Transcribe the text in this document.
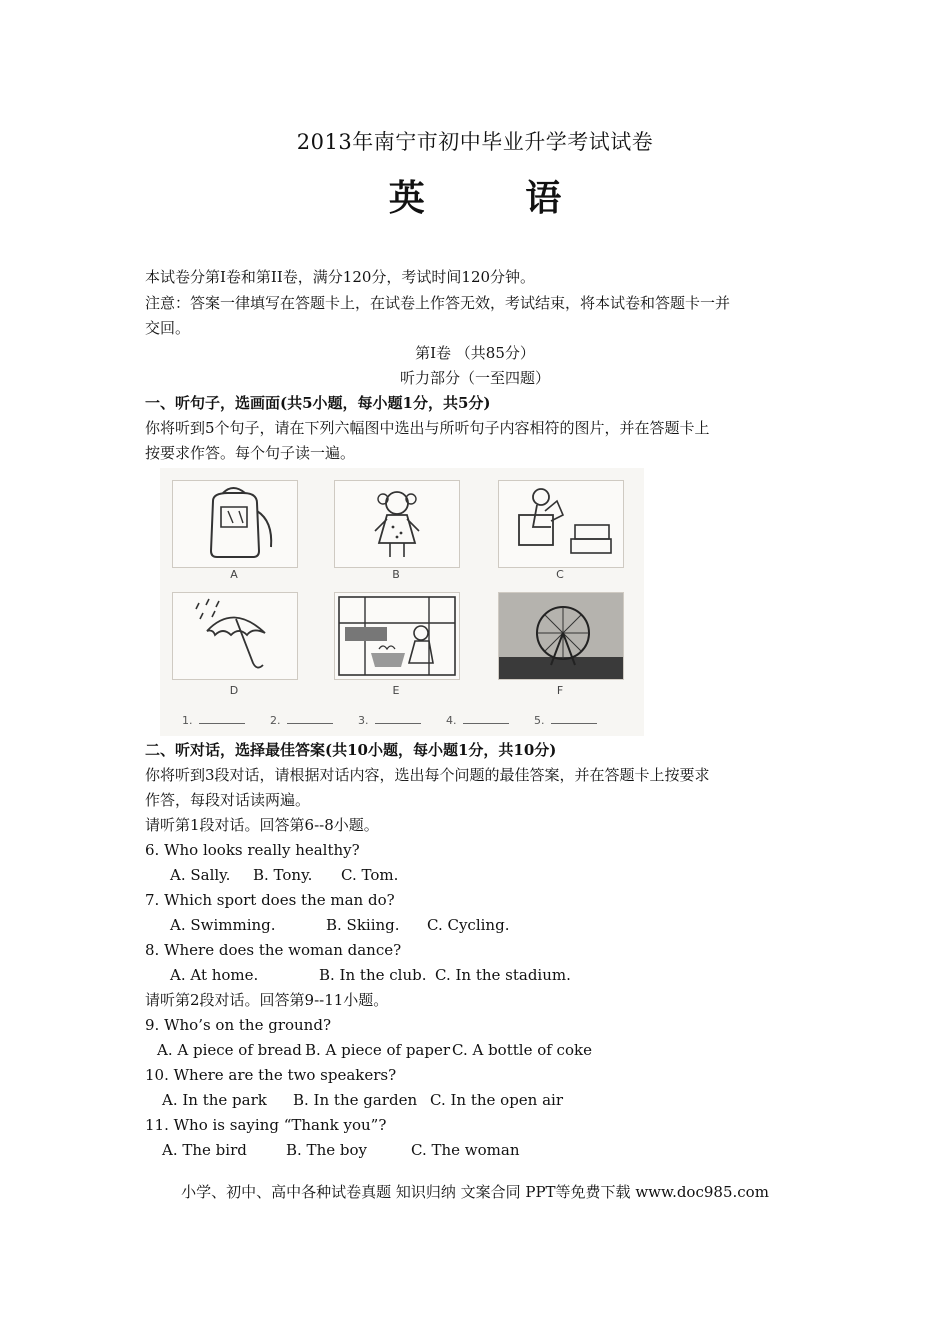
2013年南宁市初中毕业升学考试试卷
英	语
本试卷分第I卷和第II卷，满分120分，考试时间120分钟。
注意：答案一律填写在答题卡上，在试卷上作答无效，考试结束，将本试卷和答题卡一并
交回。
第I卷 （共85分）
听力部分（一至四题）
一、听句子，选画面(共5小题，每小题1分，共5分)
你将听到5个句子，请在下列六幅图中选出与所听句子内容相符的图片，并在答题卡上
按要求作答。每个句子读一遍。
A	B	C
D	E	F
1.	2.	3.	4.	5.
二、听对话，选择最佳答案(共10小题，每小题1分，共10分)
你将听到3段对话，请根据对话内容，选出每个问题的最佳答案，并在答题卡上按要求
作答，每段对话读两遍。
请听第1段对话。回答第6--8小题。
6. Who looks really healthy?
A. Sally. B. Tony. C. Tom.
7. Which sport does the man do?
A. Swimming.	B. Skiing. C. Cycling.
8. Where does the woman dance?
A. At home.	B. In the club. C. In the stadium.
请听第2段对话。回答第9--11小题。
9. Who’s on the ground?
A. A piece of bread B. A piece of paper C. A bottle of coke
10. Where are the two speakers?
A. In the park B. In the garden C. In the open air
11. Who is saying “Thank you”?
A. The bird	B. The boy	C. The woman
小学、初中、高中各种试卷真题 知识归纳 文案合同 PPT等免费下载 www.doc985.com
